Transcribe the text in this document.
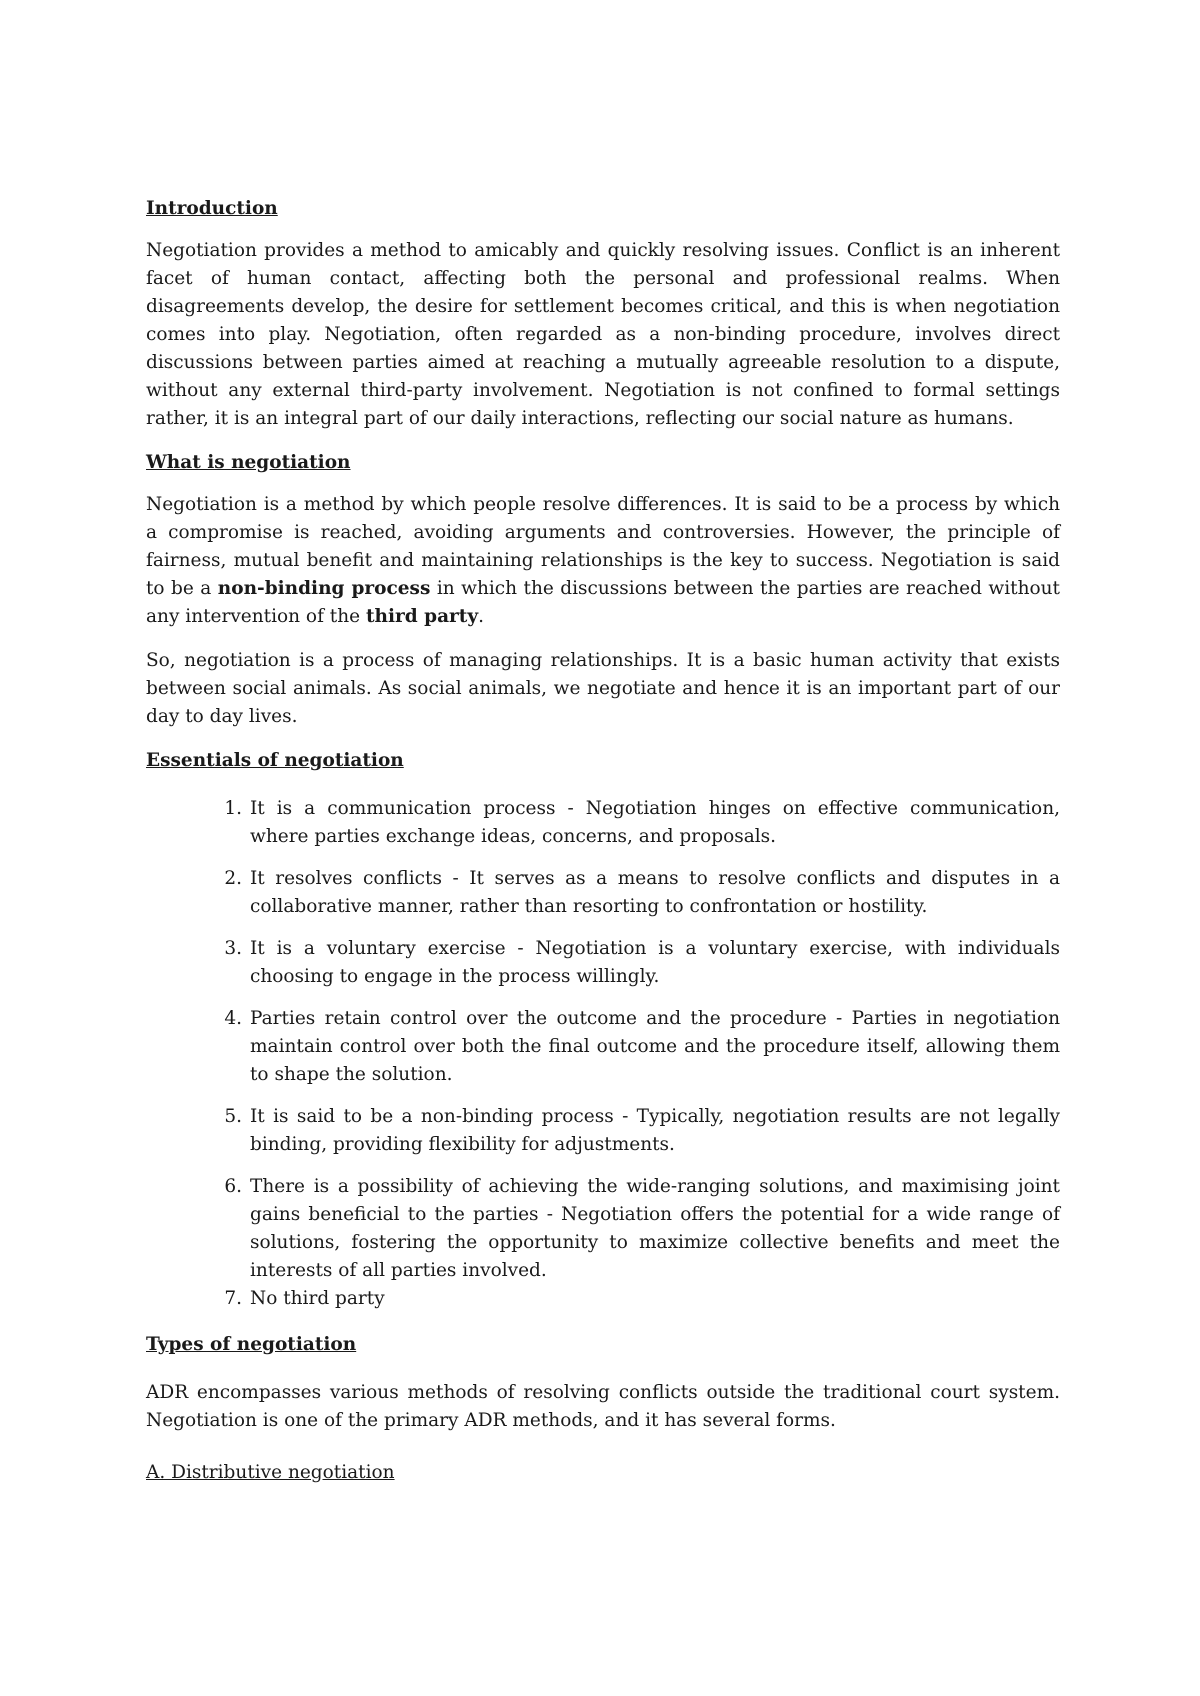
Introduction

Negotiation provides a method to amicably and quickly resolving issues. Conflict is an inherent facet of human contact, affecting both the personal and professional realms. When disagreements develop, the desire for settlement becomes critical, and this is when negotiation comes into play. Negotiation, often regarded as a non-binding procedure, involves direct discussions between parties aimed at reaching a mutually agreeable resolution to a dispute, without any external third-party involvement. Negotiation is not confined to formal settings rather, it is an integral part of our daily interactions, reflecting our social nature as humans.

What is negotiation

Negotiation is a method by which people resolve differences. It is said to be a process by which a compromise is reached, avoiding arguments and controversies. However, the principle of fairness, mutual benefit and maintaining relationships is the key to success. Negotiation is said to be a non-binding process in which the discussions between the parties are reached without any intervention of the third party.

So, negotiation is a process of managing relationships. It is a basic human activity that exists between social animals. As social animals, we negotiate and hence it is an important part of our day to day lives.

Essentials of negotiation

1. It is a communication process - Negotiation hinges on effective communication, where parties exchange ideas, concerns, and proposals.
2. It resolves conflicts - It serves as a means to resolve conflicts and disputes in a collaborative manner, rather than resorting to confrontation or hostility.
3. It is a voluntary exercise - Negotiation is a voluntary exercise, with individuals choosing to engage in the process willingly.
4. Parties retain control over the outcome and the procedure - Parties in negotiation maintain control over both the final outcome and the procedure itself, allowing them to shape the solution.
5. It is said to be a non-binding process - Typically, negotiation results are not legally binding, providing flexibility for adjustments.
6. There is a possibility of achieving the wide-ranging solutions, and maximising joint gains beneficial to the parties - Negotiation offers the potential for a wide range of solutions, fostering the opportunity to maximize collective benefits and meet the interests of all parties involved.
7. No third party

Types of negotiation

ADR encompasses various methods of resolving conflicts outside the traditional court system. Negotiation is one of the primary ADR methods, and it has several forms.

A. Distributive negotiation
